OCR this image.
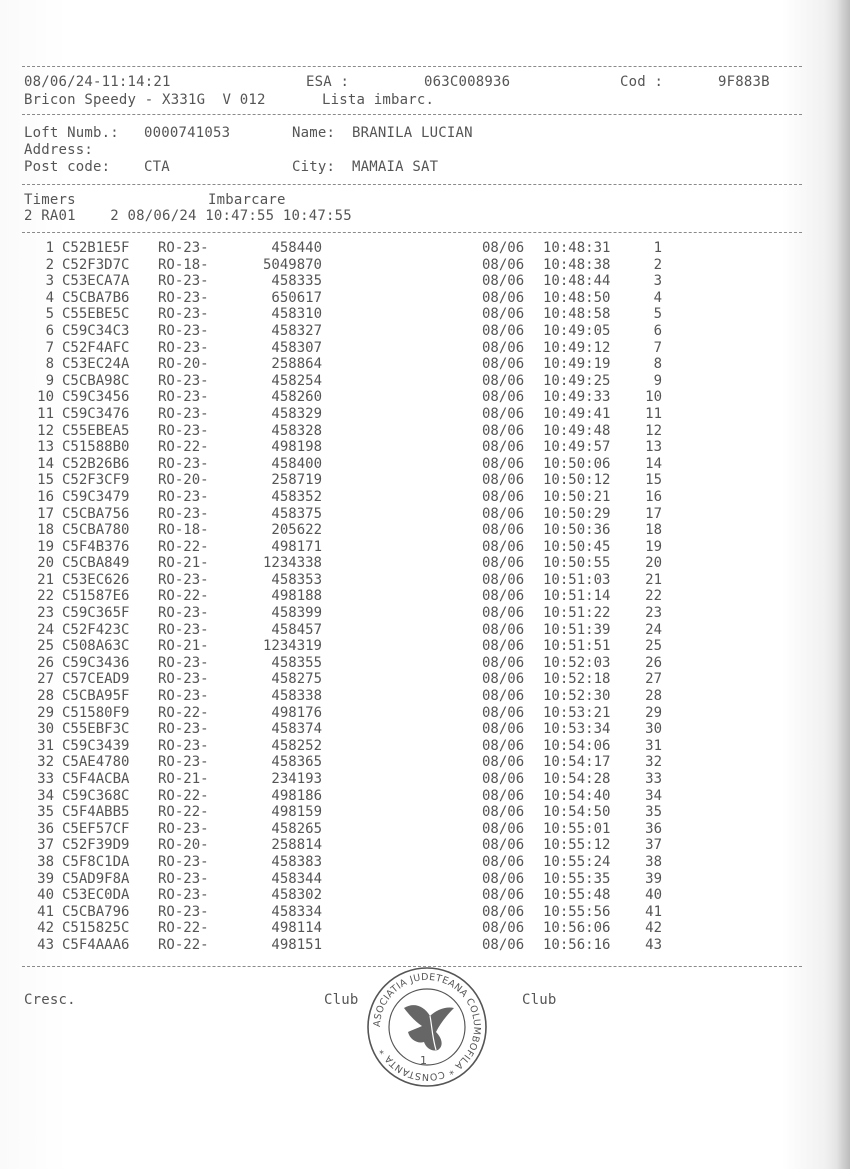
08/06/24-11:14:21	ESA :	063C008936	Cod :	9F883B
Bricon Speedy - X331G  V 012	Lista imbarc.
Loft Numb.: 0000741053	Name: BRANILA LUCIAN
Address:
Post code: CTA	City: MAMAIA SAT
Timers	Imbarcare
2 RA01    2 08/06/24 10:47:55 10:47:55
1 C52B1E5F RO-23-	458440	08/06 10:48:31	1
2 C52F3D7C RO-18-	5049870	08/06 10:48:38	2
3 C53ECA7A RO-23-	458335	08/06 10:48:44	3
4 C5CBA7B6 RO-23-	650617	08/06 10:48:50	4
5 C55EBE5C RO-23-	458310	08/06 10:48:58	5
6 C59C34C3 RO-23-	458327	08/06 10:49:05	6
7 C52F4AFC RO-23-	458307	08/06 10:49:12	7
8 C53EC24A RO-20-	258864	08/06 10:49:19	8
9 C5CBA98C RO-23-	458254	08/06 10:49:25	9
10 C59C3456 RO-23-	458260	08/06 10:49:33	10
11 C59C3476 RO-23-	458329	08/06 10:49:41	11
12 C55EBEA5 RO-23-	458328	08/06 10:49:48	12
13 C51588B0 RO-22-	498198	08/06 10:49:57	13
14 C52B26B6 RO-23-	458400	08/06 10:50:06	14
15 C52F3CF9 RO-20-	258719	08/06 10:50:12	15
16 C59C3479 RO-23-	458352	08/06 10:50:21	16
17 C5CBA756 RO-23-	458375	08/06 10:50:29	17
18 C5CBA780 RO-18-	205622	08/06 10:50:36	18
19 C5F4B376 RO-22-	498171	08/06 10:50:45	19
20 C5CBA849 RO-21-	1234338	08/06 10:50:55	20
21 C53EC626 RO-23-	458353	08/06 10:51:03	21
22 C51587E6 RO-22-	498188	08/06 10:51:14	22
23 C59C365F RO-23-	458399	08/06 10:51:22	23
24 C52F423C RO-23-	458457	08/06 10:51:39	24
25 C508A63C RO-21-	1234319	08/06 10:51:51	25
26 C59C3436 RO-23-	458355	08/06 10:52:03	26
27 C57CEAD9 RO-23-	458275	08/06 10:52:18	27
28 C5CBA95F RO-23-	458338	08/06 10:52:30	28
29 C51580F9 RO-22-	498176	08/06 10:53:21	29
30 C55EBF3C RO-23-	458374	08/06 10:53:34	30
31 C59C3439 RO-23-	458252	08/06 10:54:06	31
32 C5AE4780 RO-23-	458365	08/06 10:54:17	32
33 C5F4ACBA RO-21-	234193	08/06 10:54:28	33
34 C59C368C RO-22-	498186	08/06 10:54:40	34
35 C5F4ABB5 RO-22-	498159	08/06 10:54:50	35
36 C5EF57CF RO-23-	458265	08/06 10:55:01	36
37 C52F39D9 RO-20-	258814	08/06 10:55:12	37
38 C5F8C1DA RO-23-	458383	08/06 10:55:24	38
39 C5AD9F8A RO-23-	458344	08/06 10:55:35	39
40 C53EC0DA RO-23-	458302	08/06 10:55:48	40
41 C5CBA796 RO-23-	458334	08/06 10:55:56	41
42 C515825C RO-22-	498114	08/06 10:56:06	42
43 C5F4AAA6 RO-22-	498151	08/06 10:56:16	43
Cresc.	Club	Club
ASOCIATIA JUDETEANA COLUMBOFILA * CONSTANTA *
1
